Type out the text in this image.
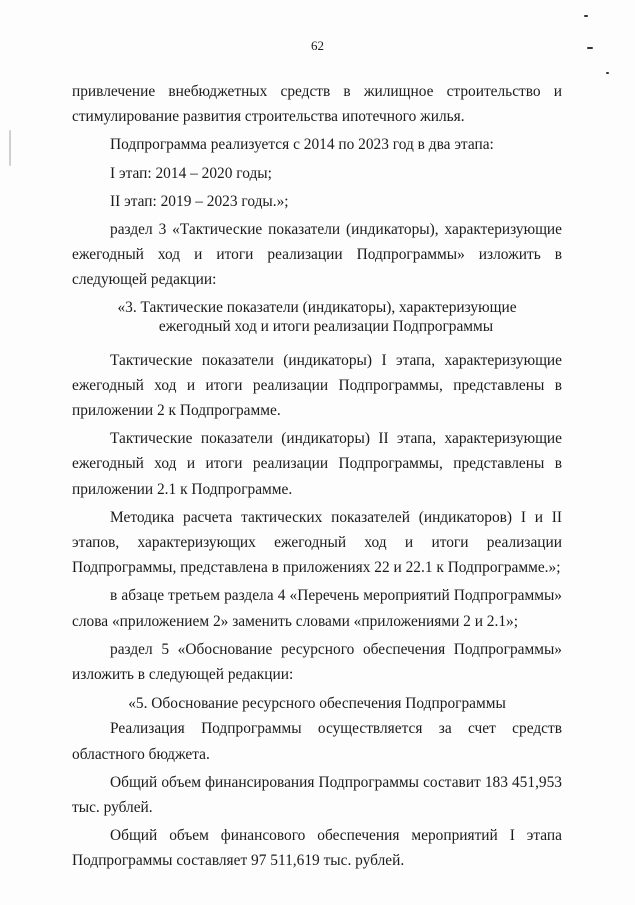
62

привлечение внебюджетных средств в жилищное строительство и стимулирование развития строительства ипотечного жилья.

Подпрограмма реализуется с 2014 по 2023 год в два этапа:

I этап: 2014 – 2020 годы;

II этап: 2019 – 2023 годы.»;

раздел 3 «Тактические показатели (индикаторы), характеризующие ежегодный ход и итоги реализации Подпрограммы» изложить в следующей редакции:

«3. Тактические показатели (индикаторы), характеризующие
ежегодный ход и итоги реализации Подпрограммы

Тактические показатели (индикаторы) I этапа, характеризующие ежегодный ход и итоги реализации Подпрограммы, представлены в приложении 2 к Подпрограмме.

Тактические показатели (индикаторы) II этапа, характеризующие ежегодный ход и итоги реализации Подпрограммы, представлены в приложении 2.1 к Подпрограмме.

Методика расчета тактических показателей (индикаторов) I и II этапов, характеризующих ежегодный ход и итоги реализации Подпрограммы, представлена в приложениях 22 и 22.1 к Подпрограмме.»;

в абзаце третьем раздела 4 «Перечень мероприятий Подпрограммы» слова «приложением 2» заменить словами «приложениями 2 и 2.1»;

раздел 5 «Обоснование ресурсного обеспечения Подпрограммы» изложить в следующей редакции:

«5. Обоснование ресурсного обеспечения Подпрограммы

Реализация Подпрограммы осуществляется за счет средств областного бюджета.

Общий объем финансирования Подпрограммы составит 183 451,953 тыс. рублей.

Общий объем финансового обеспечения мероприятий I этапа Подпрограммы составляет 97 511,619 тыс. рублей.
